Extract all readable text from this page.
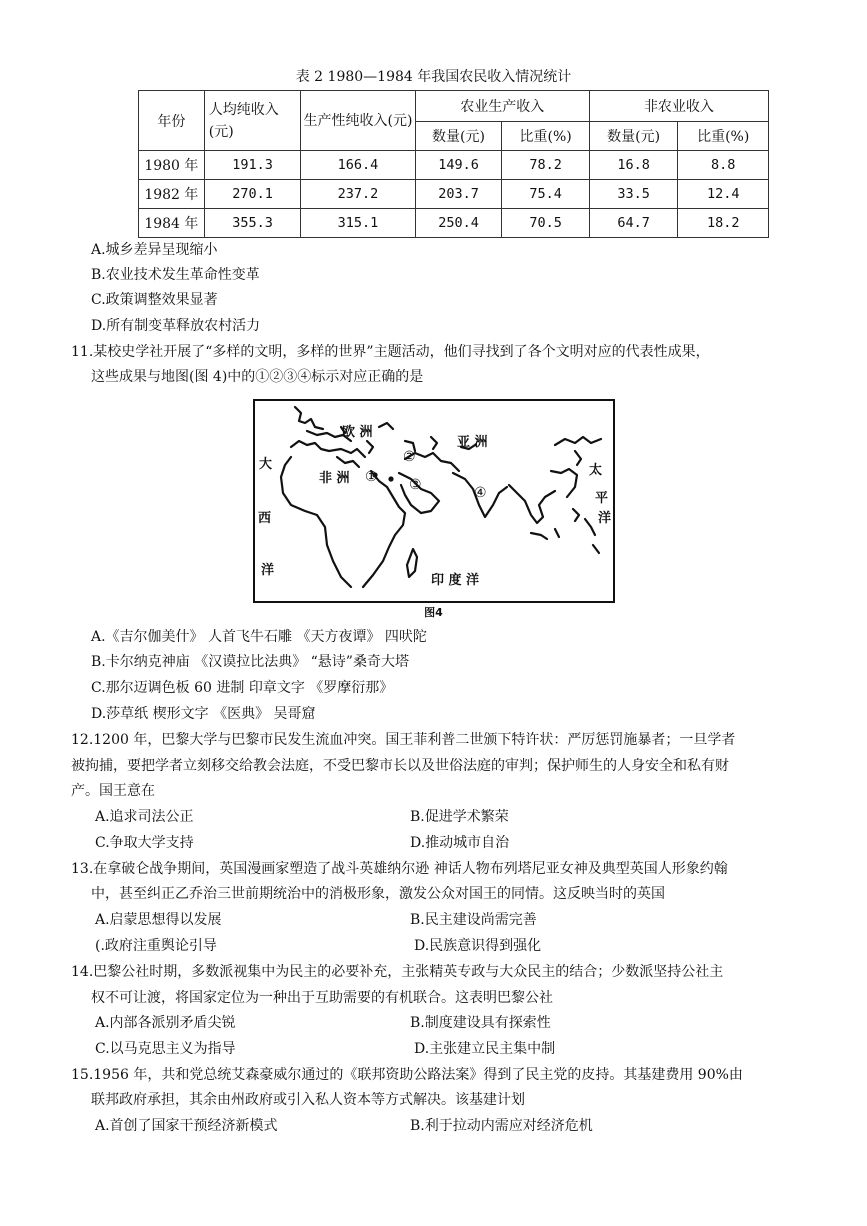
表 2 1980—1984 年我国农民收入情况统计
年份	人均纯收入(元)	生产性纯收入(元)	农业生产收入		非农业收入	
			数量(元)	比重(%)	数量(元)	比重(%)
1980 年	191.3	166.4	149.6	78.2	16.8	8.8
1982 年	270.1	237.2	203.7	75.4	33.5	12.4
1984 年	355.3	315.1	250.4	70.5	64.7	18.2
A.城乡差异呈现缩小
B.农业技术发生革命性变革
C.政策调整效果显著
D.所有制变革释放农村活力
11.某校史学社开展了“多样的文明，多样的世界”主题活动，他们寻找到了各个文明对应的代表性成果，
这些成果与地图(图 4)中的①②③④标示对应正确的是
欧 洲
亚 洲
非 洲
大
西
洋
太
平
洋
印 度 洋
①
②
③	④
图4
A.《吉尔伽美什》 人首飞牛石雕 《天方夜谭》 四吠陀
B.卡尔纳克神庙 《汉谟拉比法典》 “悬诗”桑奇大塔
C.那尔迈调色板 60 进制 印章文字 《罗摩衍那》
D.莎草纸 楔形文字 《医典》 吴哥窟
12.1200 年，巴黎大学与巴黎市民发生流血冲突。国王菲利普二世颁下特许状：严厉惩罚施暴者；一旦学者
被拘捕，要把学者立刻移交给教会法庭，不受巴黎市长以及世俗法庭的审判；保护师生的人身安全和私有财
产。国王意在
A.追求司法公正	B.促进学术繁荣
C.争取大学支持	D.推动城市自治
13.在拿破仑战争期间，英国漫画家塑造了战斗英雄纳尔逊 神话人物布列塔尼亚女神及典型英国人形象约翰
中，甚至纠正乙乔治三世前期统治中的消极形象，激发公众对国王的同情。这反映当时的英国
A.启蒙思想得以发展	B.民主建设尚需完善
(.政府注重舆论引导	D.民族意识得到强化
14.巴黎公社时期，多数派视集中为民主的必要补充，主张精英专政与大众民主的结合；少数派坚持公社主
权不可让渡，将国家定位为一种出于互助需要的有机联合。这表明巴黎公社
A.内部各派别矛盾尖锐	B.制度建设具有探索性
C.以马克思主义为指导	D.主张建立民主集中制
15.1956 年，共和党总统艾森豪威尔通过的《联邦资助公路法案》得到了民主党的皮持。其基建费用 90%由
联邦政府承担，其余由州政府或引入私人资本等方式解决。该基建计划
A.首创了国家干预经济新模式	B.利于拉动内需应对经济危机
